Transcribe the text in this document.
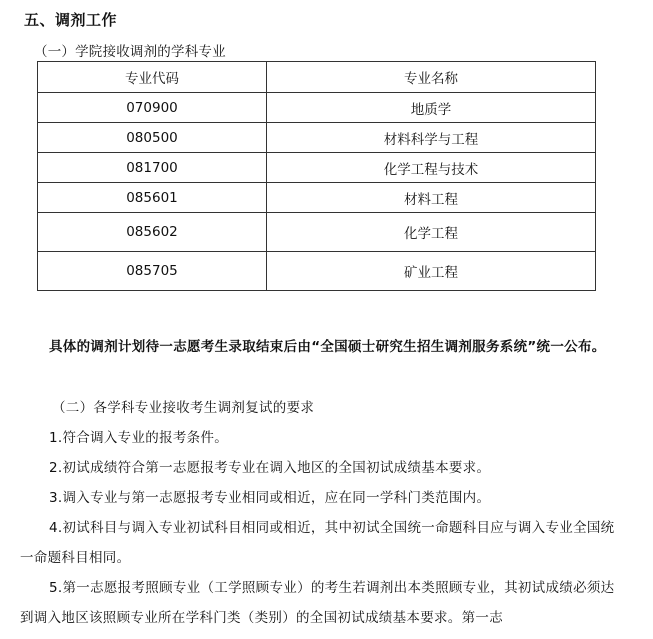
五、调剂工作
（一）学院接收调剂的学科专业
专业代码	专业名称
070900	地质学
080500	材料科学与工程
081700	化学工程与技术
085601	材料工程
085602	化学工程
085705	矿业工程
具体的调剂计划待一志愿考生录取结束后由“全国硕士研究生招生调剂服务系统”统一公布。
（二）各学科专业接收考生调剂复试的要求
1.符合调入专业的报考条件。
2.初试成绩符合第一志愿报考专业在调入地区的全国初试成绩基本要求。
3.调入专业与第一志愿报考专业相同或相近，应在同一学科门类范围内。
4.初试科目与调入专业初试科目相同或相近，其中初试全国统一命题科目应与调入专业全国统一命题科目相同。
5.第一志愿报考照顾专业（工学照顾专业）的考生若调剂出本类照顾专业，其初试成绩必须达到调入地区该照顾专业所在学科门类（类别）的全国初试成绩基本要求。第一志
